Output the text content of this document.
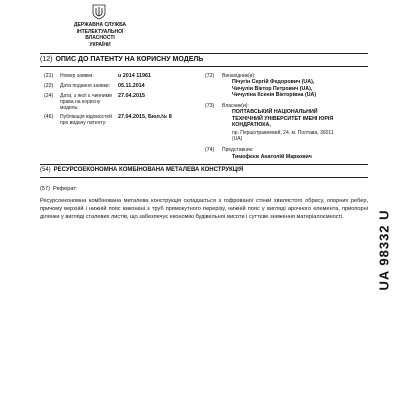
ДЕРЖАВНА СЛУЖБА
ІНТЕЛЕКТУАЛЬНОЇ
ВЛАСНОСТІ
УКРАЇНИ
(12) ОПИС ДО ПАТЕНТУ НА КОРИСНУ МОДЕЛЬ
(21) Номер заявки:	u 2014 11961
(22) Дата подання заявки: 05.11.2014
(24) Дата, з якої є чинними права на корисну модель:
27.04.2015
(46) Публікація відомостей про видачу патенту:
27.04.2015, Бюл.№ 8
(72) Винахідник(и):
Пічугін Сергій Федорович (UA),
Чичуліи Віктор Петрович (UA),
Чичуліна Ксенія Вікторівна (UA)
(73) Власник(и):
ПОЛТАВСЬКИЙ НАЦІОНАЛЬНИЙ
ТЕХНІЧНИЙ УНІВЕРСИТЕТ ІМЕНІ ЮРІЯ
КОНДРАТЮКА,
пр. Першотравневий, 24, м. Полтава, 36011
(UA)
(74) Представник:
Тимофєєв Анатолій Маркович
(54) РЕСУРСОЕКОНОМНА КОМБІНОВАНА МЕТАЛЕВА КОНСТРУКЦІЯ
(57) Реферат:
Ресурсоекономна комбінована металева конструкція складається з гофрованої стінки хвилястого обрису, опорних ребер, причому верхній і нижній пояс виконані з труб прямокутного перерізу, нижній пояс у вигляді арочного елемента, приопорні ділянки у вигляді сталевих листів, що забезпечує економію будівельної висоти і суттєве зниження матеріалоємності.	UA 98332 U
